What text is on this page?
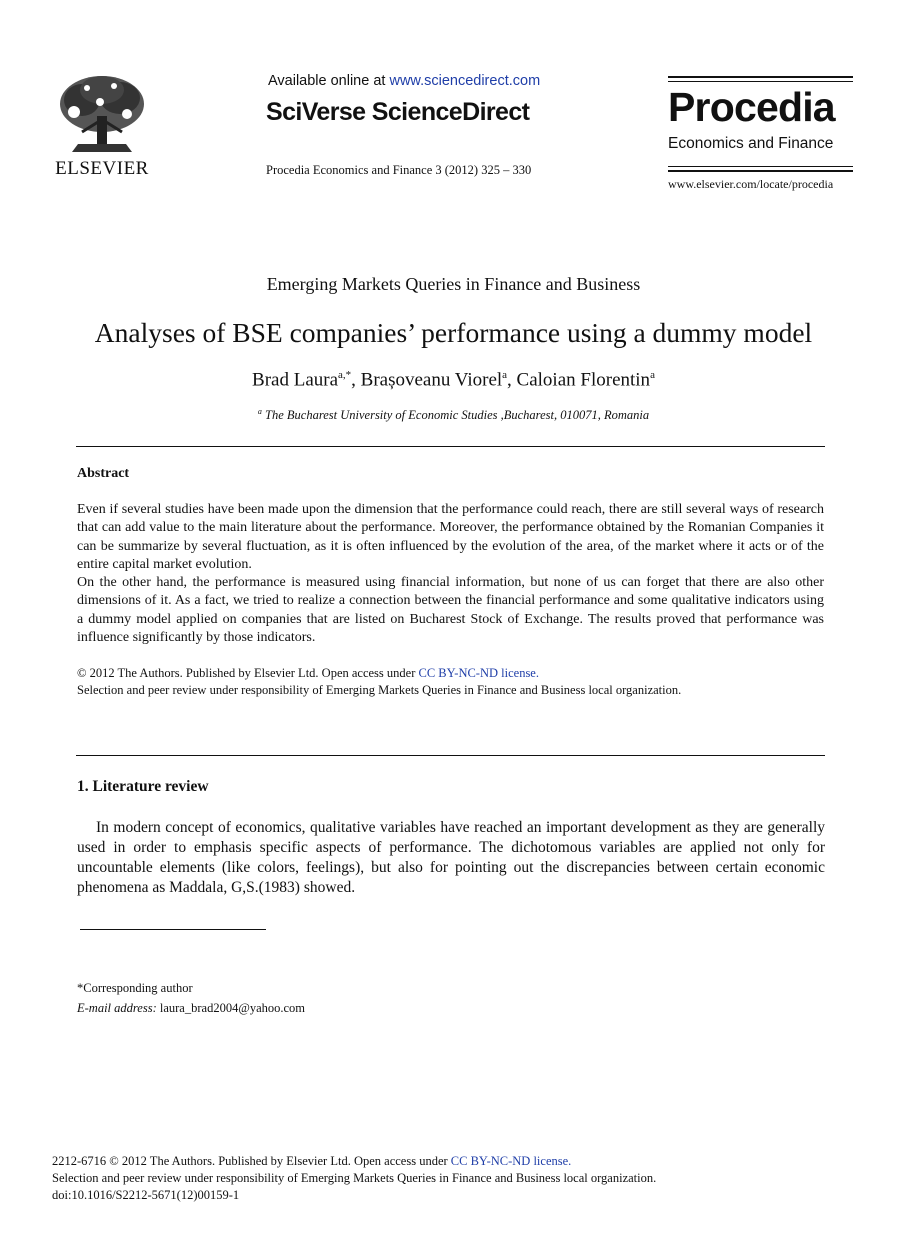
ELSEVIER
Available online at www.sciencedirect.com
SciVerse ScienceDirect
Procedia Economics and Finance 3 (2012) 325 – 330
Procedia
Economics and Finance
www.elsevier.com/locate/procedia
Emerging Markets Queries in Finance and Business
Analyses of BSE companies’ performance using a dummy model
Brad Laura$^{a,*}$, Brașoveanu Viorel$^a$, Caloian Florentin$^a$
$^a$ The Bucharest University of Economic Studies ,Bucharest, 010071, Romania
Abstract

Even if several studies have been made upon the dimension that the performance could reach, there are still several ways of research that can add value to the main literature about the performance. Moreover, the performance obtained by the Romanian Companies it can be summarize by several fluctuation, as it is often influenced by the evolution of the area, of the market where it acts or of the entire capital market evolution.

On the other hand, the performance is measured using financial information, but none of us can forget that there are also other dimensions of it. As a fact, we tried to realize a connection between the financial performance and some qualitative indicators using a dummy model applied on companies that are listed on Bucharest Stock of Exchange. The results proved that performance was influence significantly by those indicators.

© 2012 The Authors. Published by Elsevier Ltd. Open access under CC BY-NC-ND license.
Selection and peer review under responsibility of Emerging Markets Queries in Finance and Business local organization.
1. Literature review
In modern concept of economics, qualitative variables have reached an important development as they are generally used in order to emphasis specific aspects of performance. The dichotomous variables are applied not only for uncountable elements (like colors, feelings), but also for pointing out the discrepancies between certain economic phenomena as Maddala, G,S.(1983) showed.
*Corresponding author
E-mail address: laura_brad2004@yahoo.com
2212-6716 © 2012 The Authors. Published by Elsevier Ltd. Open access under CC BY-NC-ND license.
Selection and peer review under responsibility of Emerging Markets Queries in Finance and Business local organization.
doi:10.1016/S2212-5671(12)00159-1
